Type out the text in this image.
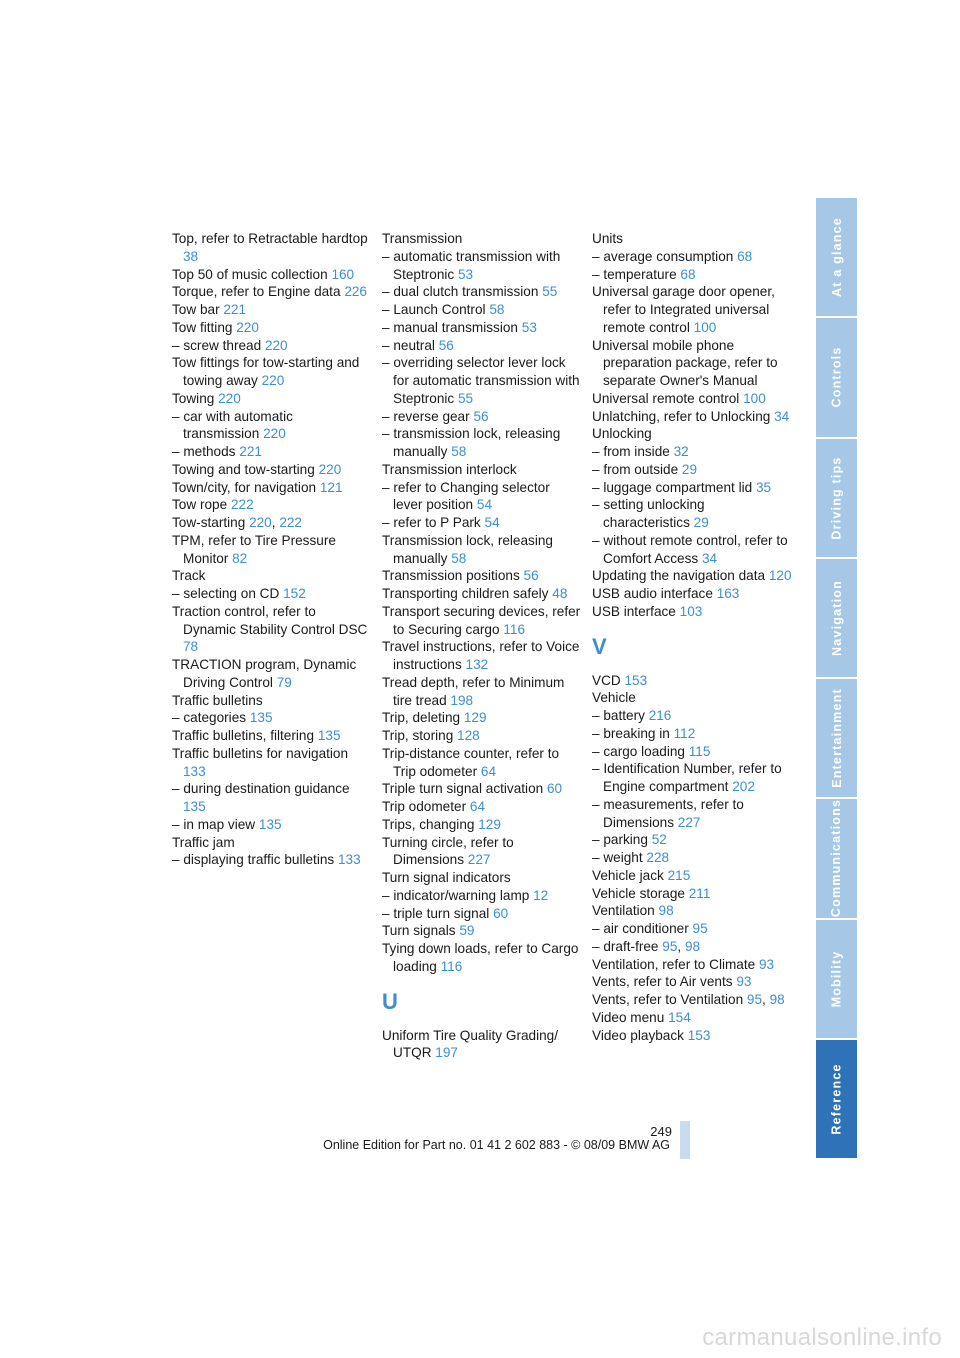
Top, refer to Retractable hardtop 38
Top 50 of music collection 160
Torque, refer to Engine data 226
Tow bar 221
Tow fitting 220
– screw thread 220
Tow fittings for tow-starting and towing away 220
Towing 220
– car with automatic transmission 220
– methods 221
Towing and tow-starting 220
Town/city, for navigation 121
Tow rope 222
Tow-starting 220, 222
TPM, refer to Tire Pressure Monitor 82
Track
– selecting on CD 152
Traction control, refer to Dynamic Stability Control DSC 78
TRACTION program, Dynamic Driving Control 79
Traffic bulletins
– categories 135
Traffic bulletins, filtering 135
Traffic bulletins for navigation 133
– during destination guidance 135
– in map view 135
Traffic jam
– displaying traffic bulletins 133
Transmission
– automatic transmission with Steptronic 53
– dual clutch transmission 55
– Launch Control 58
– manual transmission 53
– neutral 56
– overriding selector lever lock for automatic transmission with Steptronic 55
– reverse gear 56
– transmission lock, releasing manually 58
Transmission interlock
– refer to Changing selector lever position 54
– refer to P Park 54
Transmission lock, releasing manually 58
Transmission positions 56
Transporting children safely 48
Transport securing devices, refer to Securing cargo 116
Travel instructions, refer to Voice instructions 132
Tread depth, refer to Minimum tire tread 198
Trip, deleting 129
Trip, storing 128
Trip-distance counter, refer to Trip odometer 64
Triple turn signal activation 60
Trip odometer 64
Trips, changing 129
Turning circle, refer to Dimensions 227
Turn signal indicators
– indicator/warning lamp 12
– triple turn signal 60
Turn signals 59
Tying down loads, refer to Cargo loading 116
U
Uniform Tire Quality Grading/ UTQR 197
Units
– average consumption 68
– temperature 68
Universal garage door opener, refer to Integrated universal remote control 100
Universal mobile phone preparation package, refer to separate Owner's Manual
Universal remote control 100
Unlatching, refer to Unlocking 34
Unlocking
– from inside 32
– from outside 29
– luggage compartment lid 35
– setting unlocking characteristics 29
– without remote control, refer to Comfort Access 34
Updating the navigation data 120
USB audio interface 163
USB interface 103
V
VCD 153
Vehicle
– battery 216
– breaking in 112
– cargo loading 115
– Identification Number, refer to Engine compartment 202
– measurements, refer to Dimensions 227
– parking 52
– weight 228
Vehicle jack 215
Vehicle storage 211
Ventilation 98
– air conditioner 95
– draft-free 95, 98
Ventilation, refer to Climate 93
Vents, refer to Air vents 93
Vents, refer to Ventilation 95, 98
Video menu 154
Video playback 153
At a glance
Controls
Driving tips
Navigation
Entertainment
Communications
Mobility
Reference
249
Online Edition for Part no. 01 41 2 602 883 - © 08/09 BMW AG
carmanualsonline.info
